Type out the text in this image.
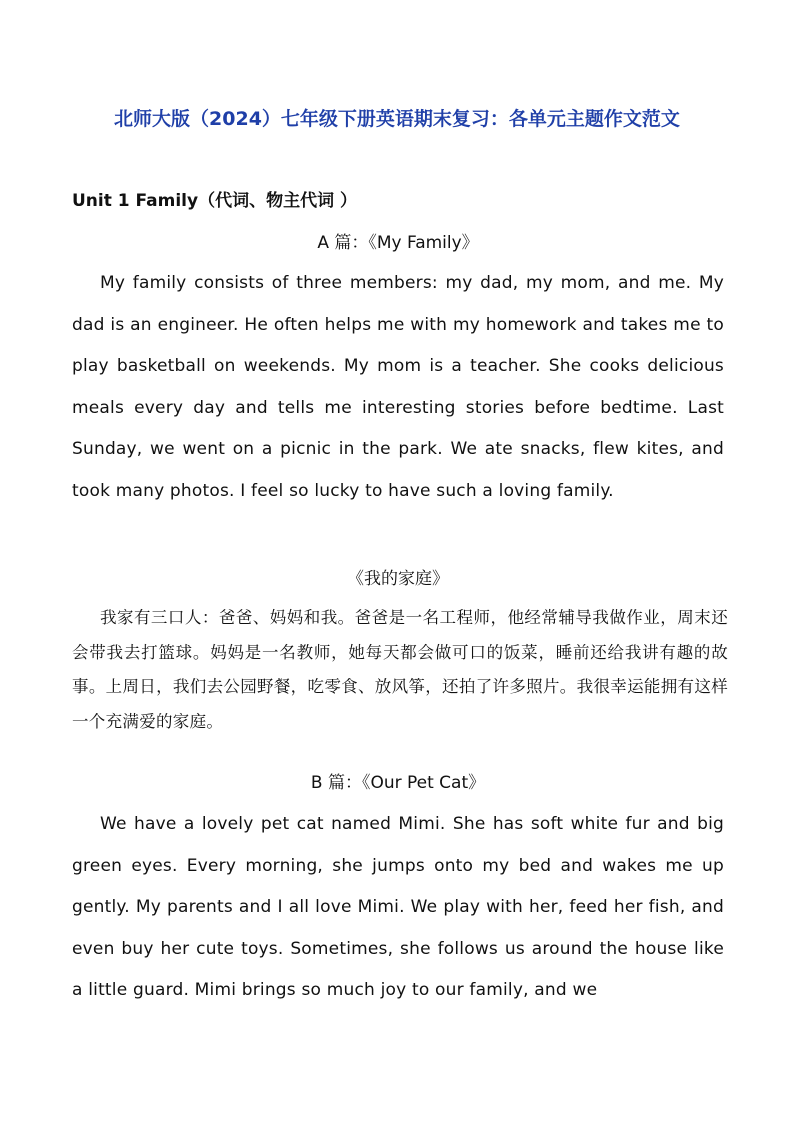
北师大版（2024）七年级下册英语期末复习：各单元主题作文范文
Unit 1 Family（代词、物主代词 ）
A 篇：《My Family》

My family consists of three members: my dad, my mom, and me. My dad is an engineer. He often helps me with my homework and takes me to play basketball on weekends. My mom is a teacher. She cooks delicious meals every day and tells me interesting stories before bedtime. Last Sunday, we went on a picnic in the park. We ate snacks, flew kites, and took many photos. I feel so lucky to have such a loving family.

《我的家庭》

我家有三口人：爸爸、妈妈和我。爸爸是一名工程师，他经常辅导我做作业，周末还会带我去打篮球。妈妈是一名教师，她每天都会做可口的饭菜，睡前还给我讲有趣的故事。上周日，我们去公园野餐，吃零食、放风筝，还拍了许多照片。我很幸运能拥有这样一个充满爱的家庭。

B 篇：《Our Pet Cat》

We have a lovely pet cat named Mimi. She has soft white fur and big green eyes. Every morning, she jumps onto my bed and wakes me up gently. My parents and I all love Mimi. We play with her, feed her fish, and even buy her cute toys. Sometimes, she follows us around the house like a little guard. Mimi brings so much joy to our family, and we
